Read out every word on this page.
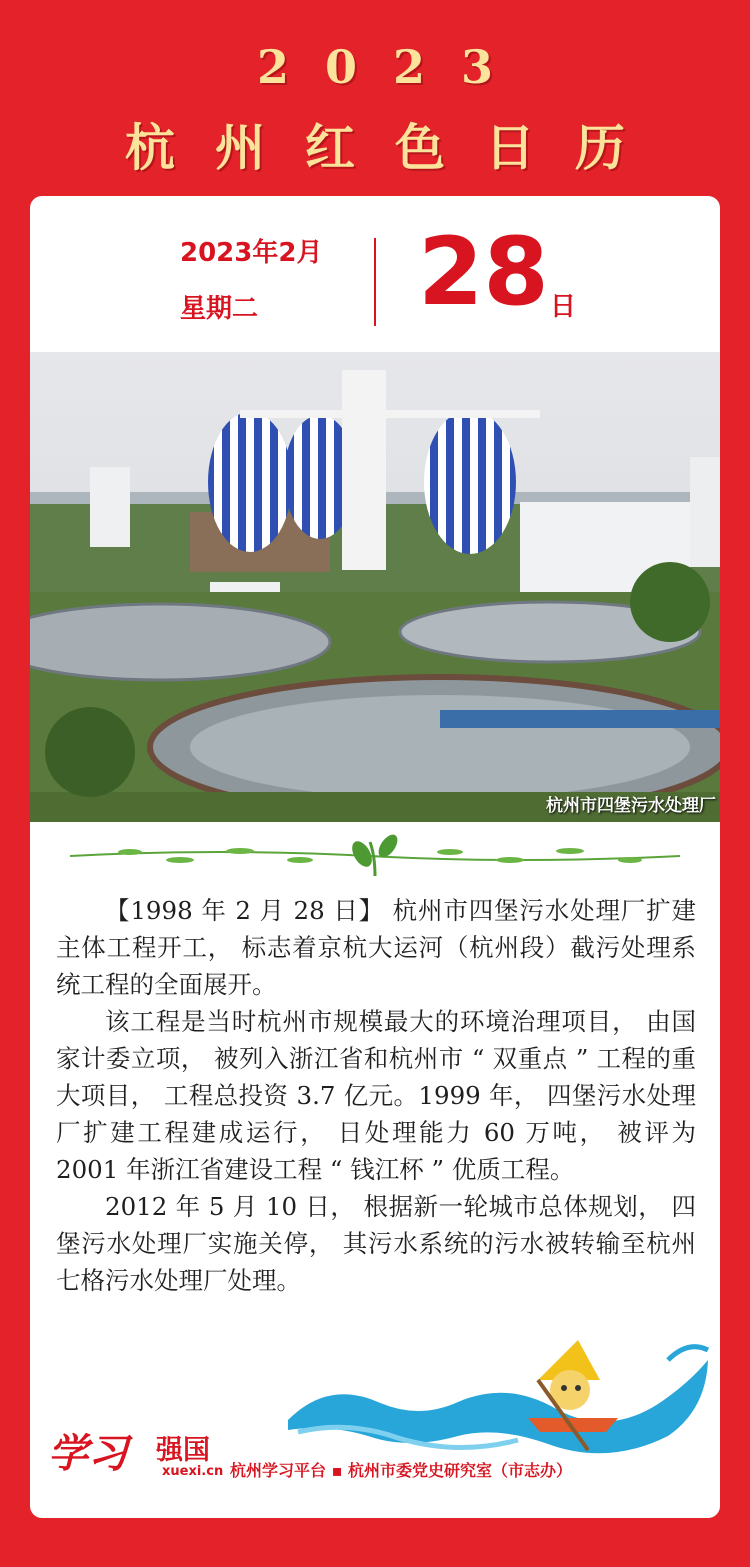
2023
杭州红色日历
2023年2月
星期二 28 日
杭州市四堡污水处理厂

【1998 年 2 月 28 日】 杭州市四堡污水处理厂扩建主体工程开工， 标志着京杭大运河（杭州段）截污处理系统工程的全面展开。

该工程是当时杭州市规模最大的环境治理项目， 由国家计委立项， 被列入浙江省和杭州市 “ 双重点 ” 工程的重大项目， 工程总投资 3.7 亿元。1999 年， 四堡污水处理厂扩建工程建成运行， 日处理能力 60 万吨， 被评为 2001 年浙江省建设工程 “ 钱江杯 ” 优质工程。

2012 年 5 月 10 日， 根据新一轮城市总体规划， 四堡污水处理厂实施关停， 其污水系统的污水被转输至杭州七格污水处理厂处理。

学习 强国
xuexi.cn 杭州学习平台 ▪ 杭州市委党史研究室（市志办）
